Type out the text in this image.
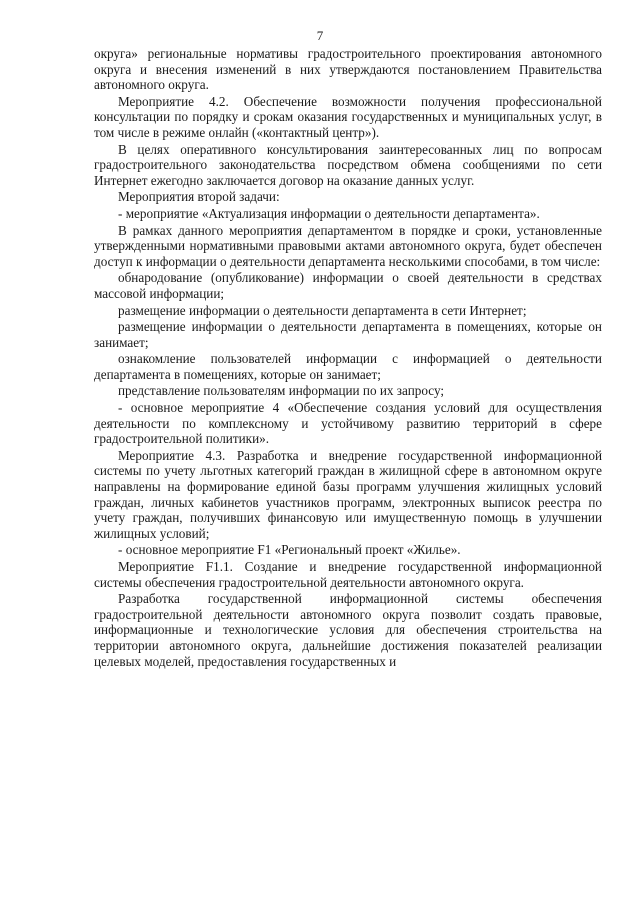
7

округа» региональные нормативы градостроительного проектирования автономного округа и внесения изменений в них утверждаются постановлением Правительства автономного округа.

Мероприятие 4.2. Обеспечение возможности получения профессиональной консультации по порядку и срокам оказания государственных и муниципальных услуг, в том числе в режиме онлайн («контактный центр»).

В целях оперативного консультирования заинтересованных лиц по вопросам градостроительного законодательства посредством обмена сообщениями по сети Интернет ежегодно заключается договор на оказание данных услуг.

Мероприятия второй задачи:

- мероприятие «Актуализация информации о деятельности департамента».

В рамках данного мероприятия департаментом в порядке и сроки, установленные утвержденными нормативными правовыми актами автономного округа, будет обеспечен доступ к информации о деятельности департамента несколькими способами, в том числе:

обнародование (опубликование) информации о своей деятельности в средствах массовой информации;

размещение информации о деятельности департамента в сети Интернет;

размещение информации о деятельности департамента в помещениях, которые он занимает;

ознакомление пользователей информации с информацией о деятельности департамента в помещениях, которые он занимает;

представление пользователям информации по их запросу;

- основное мероприятие 4 «Обеспечение создания условий для осуществления деятельности по комплексному и устойчивому развитию территорий в сфере градостроительной политики».

Мероприятие 4.3. Разработка и внедрение государственной информационной системы по учету льготных категорий граждан в жилищной сфере в автономном округе направлены на формирование единой базы программ улучшения жилищных условий граждан, личных кабинетов участников программ, электронных выписок реестра по учету граждан, получивших финансовую или имущественную помощь в улучшении жилищных условий;

- основное мероприятие F1 «Региональный проект «Жилье».

Мероприятие F1.1. Создание и внедрение государственной информационной системы обеспечения градостроительной деятельности автономного округа.

Разработка государственной информационной системы обеспечения градостроительной деятельности автономного округа позволит создать правовые, информационные и технологические условия для обеспечения строительства на территории автономного округа, дальнейшие достижения показателей реализации целевых моделей, предоставления государственных и
